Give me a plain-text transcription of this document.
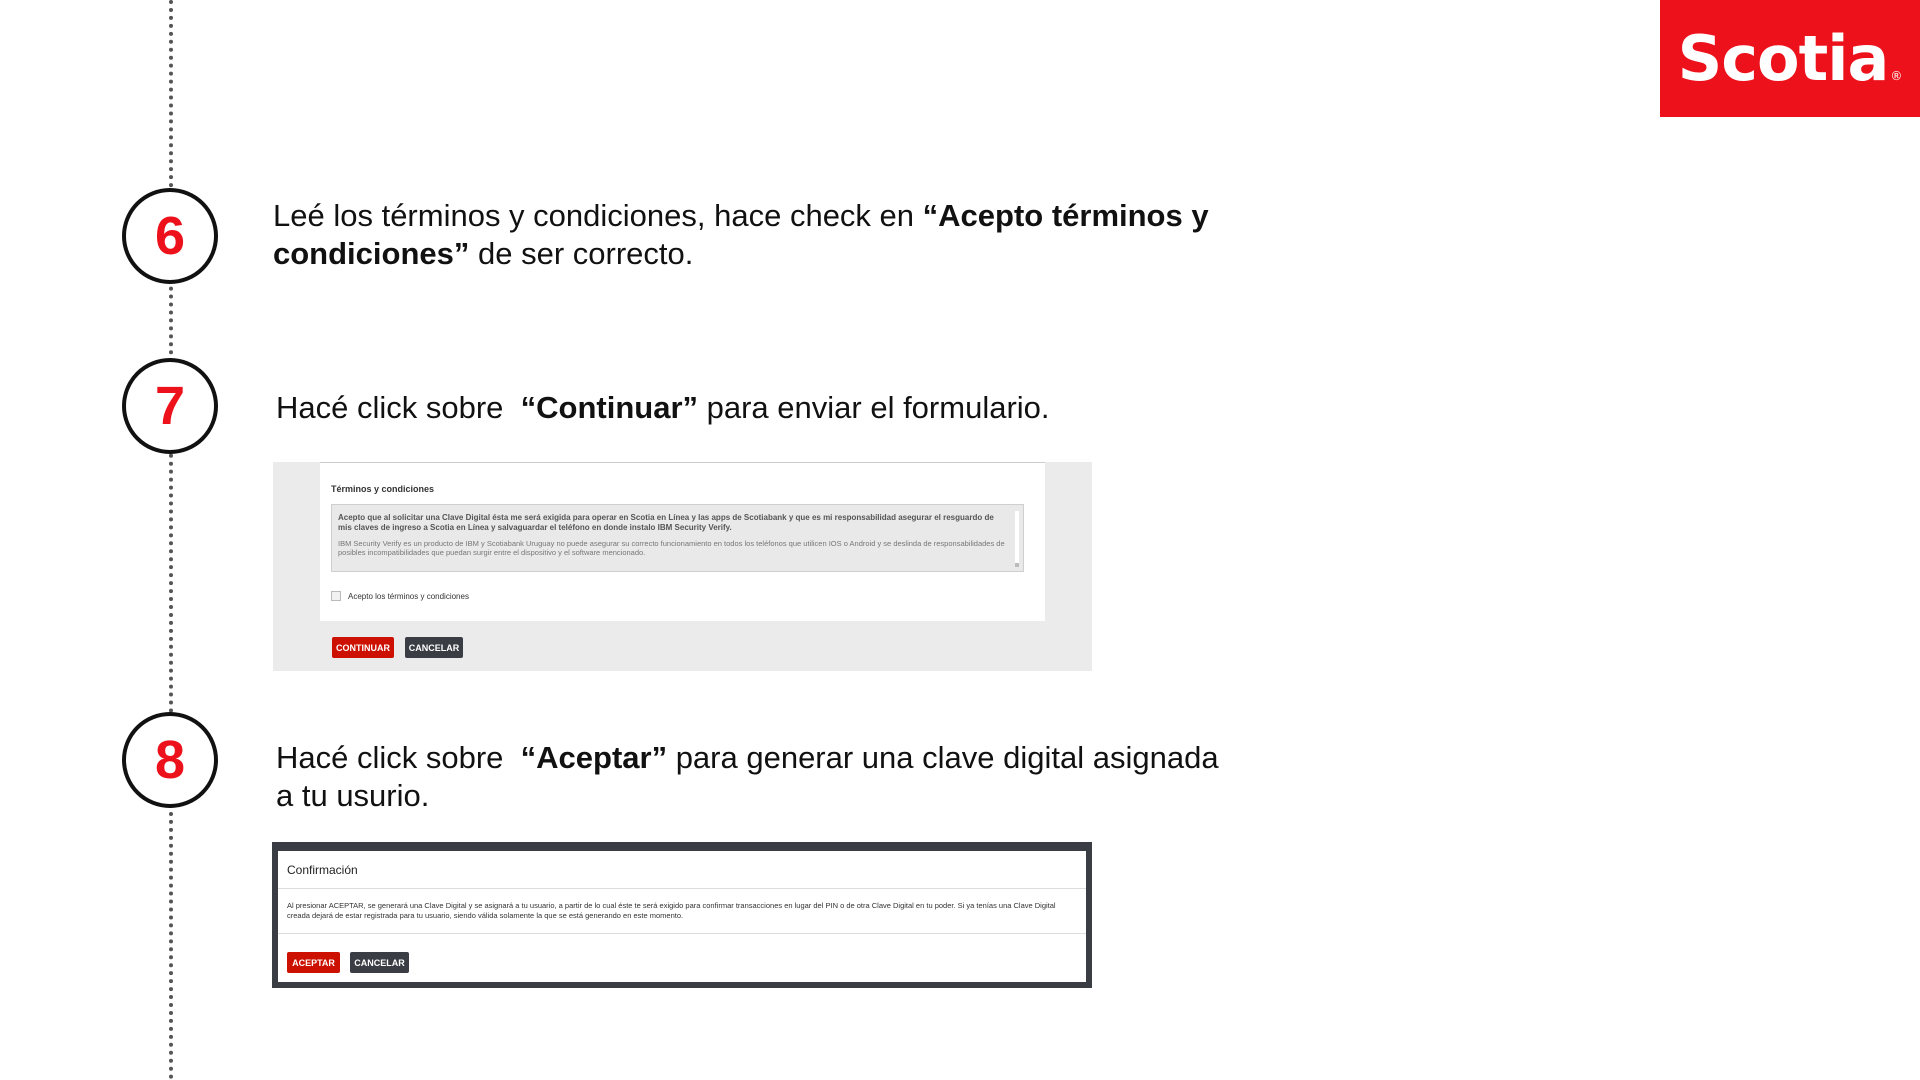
Scotia ®
6	Leé los términos y condiciones, hace check en “Acepto términos y condiciones” de ser correcto.

7	Hacé click sobre  “Continuar” para enviar el formulario.

Términos y condiciones
Acepto que al solicitar una Clave Digital ésta me será exigida para operar en Scotia en Línea y las apps de Scotiabank y que es mi responsabilidad asegurar el resguardo de mis claves de ingreso a Scotia en Línea y salvaguardar el teléfono en donde instalo IBM Security Verify.
IBM Security Verify es un producto de IBM y Scotiabank Uruguay no puede asegurar su correcto funcionamiento en todos los teléfonos que utilicen IOS o Android y se deslinda de responsabilidades de posibles incompatibilidades que puedan surgir entre el dispositivo y el software mencionado.
Acepto los términos y condiciones
CONTINUAR	CANCELAR
8	Hacé click sobre  “Aceptar” para generar una clave digital asignada a tu usurio.

Confirmación
Al presionar ACEPTAR, se generará una Clave Digital y se asignará a tu usuario, a partir de lo cual éste te será exigido para confirmar transacciones en lugar del PIN o de otra Clave Digital en tu poder. Si ya tenías una Clave Digital creada dejará de estar registrada para tu usuario, siendo válida solamente la que se está generando en este momento.
ACEPTAR	CANCELAR
